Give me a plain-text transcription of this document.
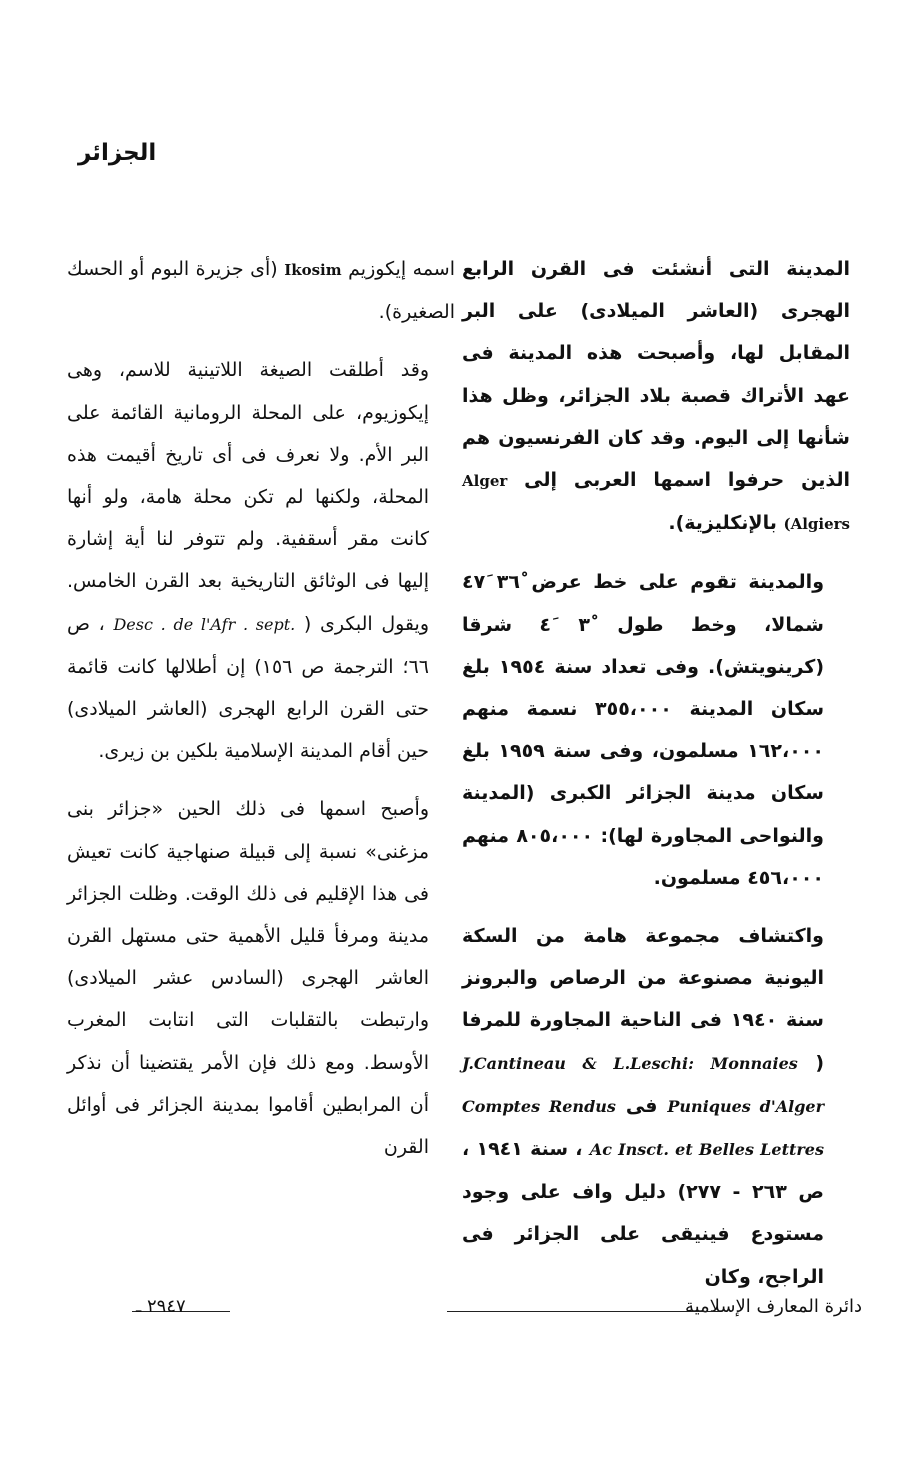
الجزائر

المدينة التى أنشئت فى القرن الرابع الهجرى (العاشر الميلادى) على البر المقابل لها، وأصبحت هذه المدينة فى عهد الأتراك قصبة بلاد الجزائر، وظل هذا شأنها إلى اليوم. وقد كان الفرنسيون هم الذين حرفوا اسمها العربى إلى Alger (Algiers بالإنكليزية).

والمدينة تقوم على خط عرض ٣٦ْ ٤٧َ شمالا، وخط طول ٣ْ ٤َ شرقا (كرينويتش). وفى تعداد سنة ١٩٥٤ بلغ سكان المدينة ٣٥٥،٠٠٠ نسمة منهم ١٦٢،٠٠٠ مسلمون، وفى سنة ١٩٥٩ بلغ سكان مدينة الجزائر الكبرى (المدينة والنواحى المجاورة لها): ٨٠٥،٠٠٠ منهم ٤٥٦،٠٠٠ مسلمون.

واكتشاف مجموعة هامة من السكة اليونية مصنوعة من الرصاص والبرونز سنة ١٩٤٠ فى الناحية المجاورة للمرفا ( J.Cantineau & L.Leschi: Monnaies Puniques d'Alger فى Comptes Rendus Ac Insct. et Belles Lettres ، سنة ١٩٤١ ، ص ٢٦٣ - ٢٧٧) دليل واف على وجود مستودع فينيقى على الجزائر فى الراجح، وكان

اسمه إيكوزيم Ikosim (أى جزيرة البوم أو الحسك الصغيرة).

وقد أطلقت الصيغة اللاتينية للاسم، وهى إيكوزيوم، على المحلة الرومانية القائمة على البر الأم. ولا نعرف فى أى تاريخ أقيمت هذه المحلة، ولكنها لم تكن محلة هامة، ولو أنها كانت مقر أسقفية. ولم تتوفر لنا أية إشارة إليها فى الوثائق التاريخية بعد القرن الخامس. ويقول البكرى ( Desc . de l'Afr . sept. ، ص ٦٦؛ الترجمة ص ١٥٦) إن أطلالها كانت قائمة حتى القرن الرابع الهجرى (العاشر الميلادى) حين أقام المدينة الإسلامية بلكين بن زيرى.

وأصبح اسمها فى ذلك الحين «جزائر بنى مزغنى» نسبة إلى قبيلة صنهاجية كانت تعيش فى هذا الإقليم فى ذلك الوقت. وظلت الجزائر مدينة ومرفأ قليل الأهمية حتى مستهل القرن العاشر الهجرى (السادس عشر الميلادى) وارتبطت بالتقلبات التى انتابت المغرب الأوسط. ومع ذلك فإن الأمر يقتضينا أن نذكر أن المرابطين أقاموا بمدينة الجزائر فى أوائل القرن

دائرة المعارف الإسلامية
٢٩٤٧ ـ
